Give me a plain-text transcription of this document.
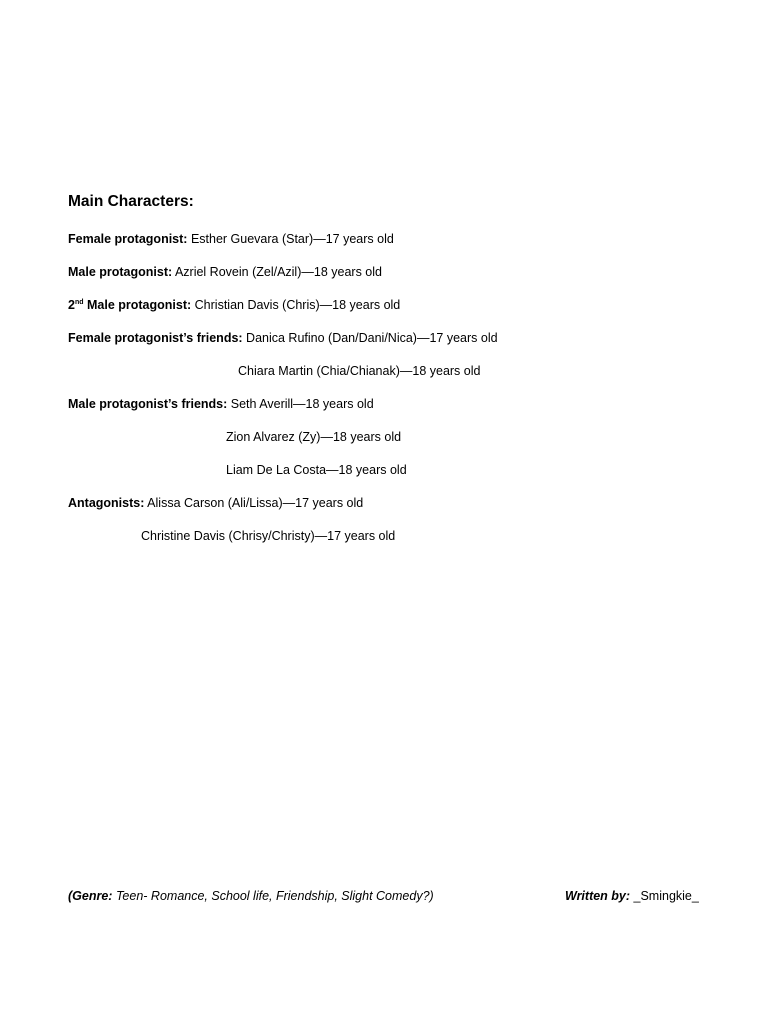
Main Characters:
Female protagonist: Esther Guevara (Star)—17 years old
Male protagonist: Azriel Rovein (Zel/Azil)—18 years old
2nd Male protagonist: Christian Davis (Chris)—18 years old
Female protagonist’s friends: Danica Rufino (Dan/Dani/Nica)—17 years old
Chiara Martin (Chia/Chianak)—18 years old
Male protagonist’s friends: Seth Averill—18 years old
Zion Alvarez (Zy)—18 years old
Liam De La Costa—18 years old
Antagonists: Alissa Carson (Ali/Lissa)—17 years old
Christine Davis (Chrisy/Christy)—17 years old
(Genre: Teen- Romance, School life, Friendship, Slight Comedy?)	Written by: _Smingkie_
